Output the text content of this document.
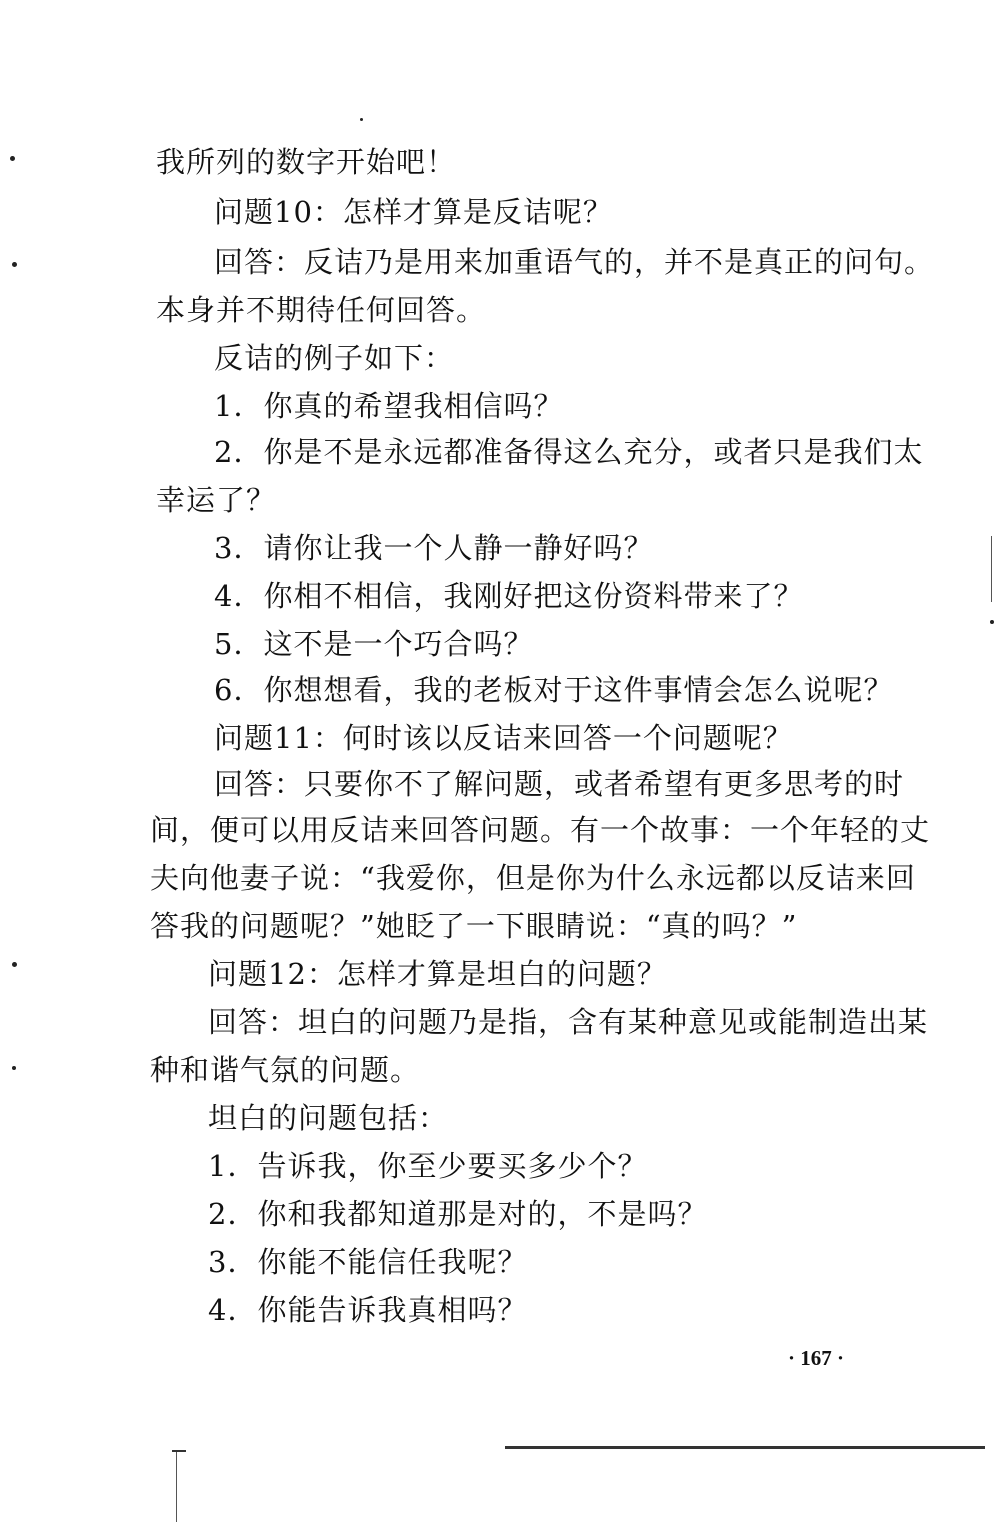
我所列的数字开始吧！
问题10：怎样才算是反诘呢？
回答：反诘乃是用来加重语气的，并不是真正的问句。
本身并不期待任何回答。
反诘的例子如下：
1．你真的希望我相信吗？
2．你是不是永远都准备得这么充分，或者只是我们太
幸运了？
3．请你让我一个人静一静好吗？
4．你相不相信，我刚好把这份资料带来了？
5．这不是一个巧合吗？
6．你想想看，我的老板对于这件事情会怎么说呢？
问题11：何时该以反诘来回答一个问题呢？
回答：只要你不了解问题，或者希望有更多思考的时
间，便可以用反诘来回答问题。有一个故事：一个年轻的丈
夫向他妻子说：“我爱你，但是你为什么永远都以反诘来回
答我的问题呢？”她眨了一下眼睛说：“真的吗？”
问题12：怎样才算是坦白的问题？
回答：坦白的问题乃是指，含有某种意见或能制造出某
种和谐气氛的问题。
坦白的问题包括：
1．告诉我，你至少要买多少个？
2．你和我都知道那是对的，不是吗？
3．你能不能信任我呢？
4．你能告诉我真相吗？
· 167 ·
